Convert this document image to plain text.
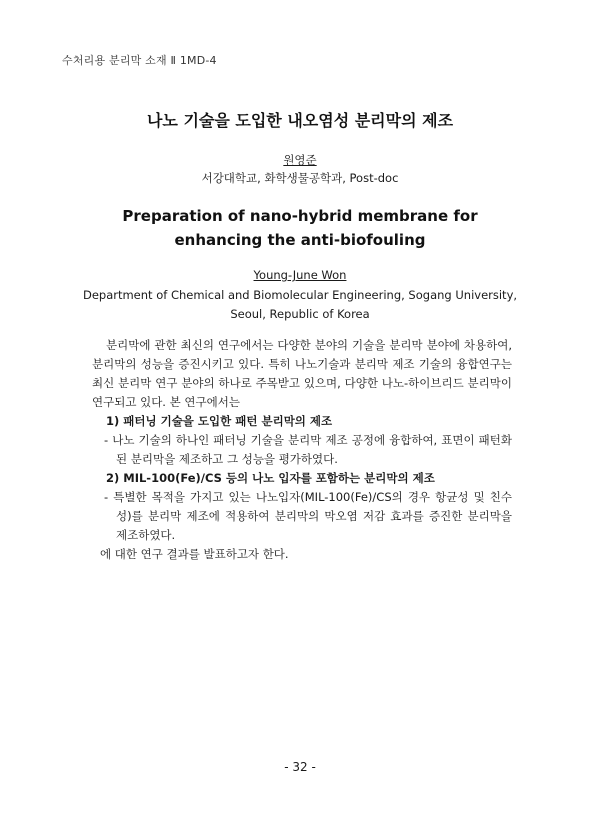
수처리용 분리막 소재 Ⅱ 1MD-4
나노 기술을 도입한 내오염성 분리막의 제조
원영준
서강대학교, 화학생물공학과, Post-doc
Preparation of nano-hybrid membrane for
enhancing the anti-biofouling
Young-June Won
Department of Chemical and Biomolecular Engineering, Sogang University,
Seoul, Republic of Korea
분리막에 관한 최신의 연구에서는 다양한 분야의 기술을 분리막 분야에 차용하여, 분리막의 성능을 증진시키고 있다. 특히 나노기술과 분리막 제조 기술의 융합연구는 최신 분리막 연구 분야의 하나로 주목받고 있으며, 다양한 나노-하이브리드 분리막이 연구되고 있다. 본 연구에서는
1) 패터닝 기술을 도입한 패턴 분리막의 제조
- 나노 기술의 하나인 패터닝 기술을 분리막 제조 공정에 융합하여, 표면이 패턴화된 분리막을 제조하고 그 성능을 평가하였다.
2) MIL-100(Fe)/CS 등의 나노 입자를 포함하는 분리막의 제조
- 특별한 목적을 가지고 있는 나노입자(MIL-100(Fe)/CS의 경우 항균성 및 친수성)를 분리막 제조에 적용하여 분리막의 막오염 저감 효과를 증진한 분리막을 제조하였다.
에 대한 연구 결과를 발표하고자 한다.
- 32 -
